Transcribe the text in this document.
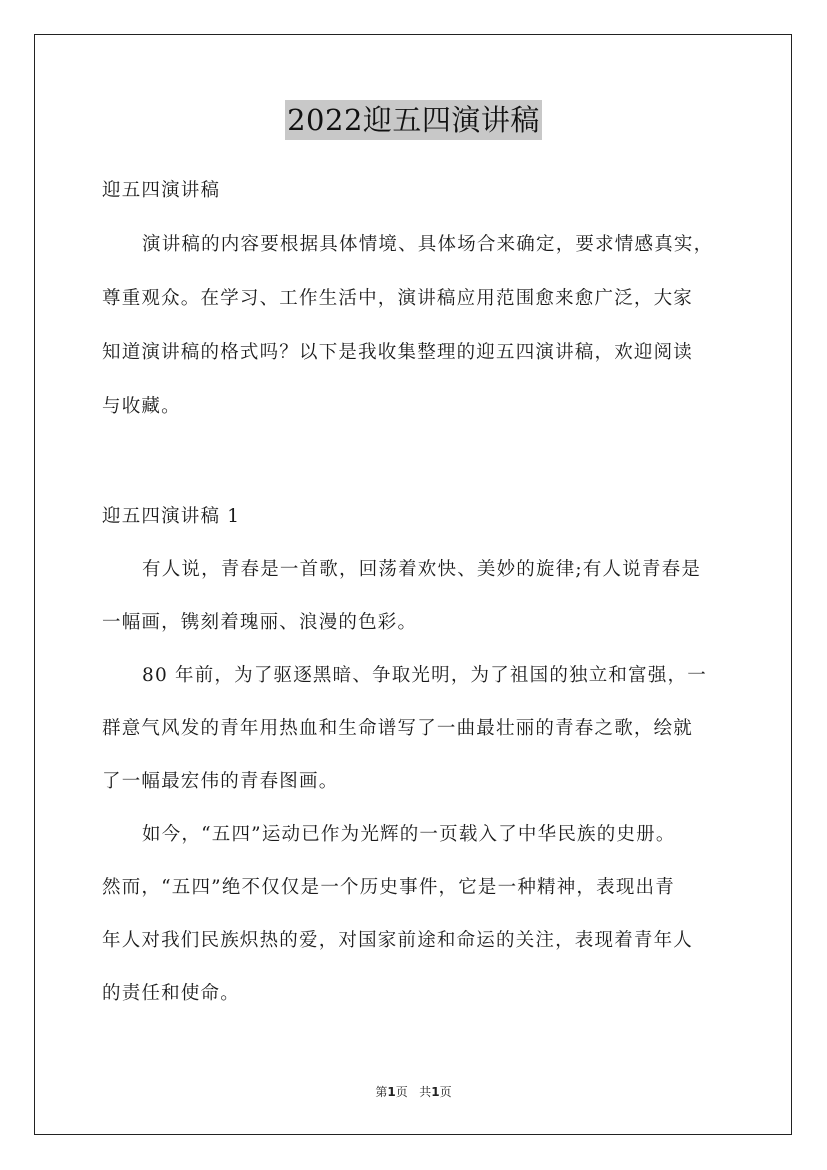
2022迎五四演讲稿
迎五四演讲稿
演讲稿的内容要根据具体情境、具体场合来确定，要求情感真实，
尊重观众。在学习、工作生活中，演讲稿应用范围愈来愈广泛，大家
知道演讲稿的格式吗？以下是我收集整理的迎五四演讲稿，欢迎阅读
与收藏。
迎五四演讲稿 1
有人说，青春是一首歌，回荡着欢快、美妙的旋律;有人说青春是
一幅画，镌刻着瑰丽、浪漫的色彩。
80 年前，为了驱逐黑暗、争取光明，为了祖国的独立和富强，一
群意气风发的青年用热血和生命谱写了一曲最壮丽的青春之歌，绘就
了一幅最宏伟的青春图画。
如今，“五四”运动已作为光辉的一页载入了中华民族的史册。
然而，“五四”绝不仅仅是一个历史事件，它是一种精神，表现出青
年人对我们民族炽热的爱，对国家前途和命运的关注，表现着青年人
的责任和使命。
第1页 共1页
